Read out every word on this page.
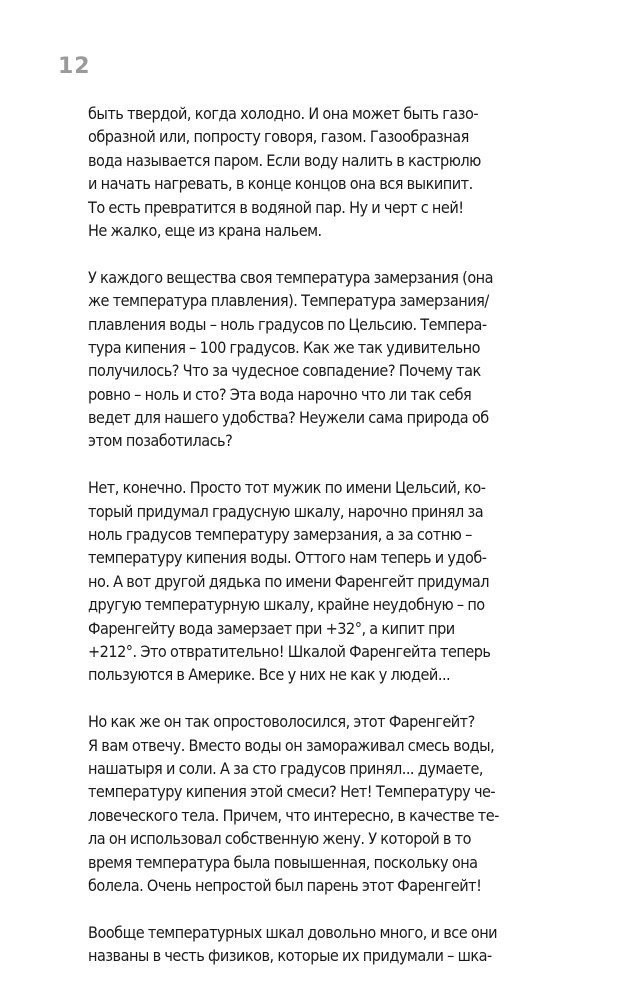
12
быть твердой, когда холодно. И она может быть газо-
образной или, попросту говоря, газом. Газообразная
вода называется паром. Если воду налить в кастрюлю
и начать нагревать, в конце концов она вся выкипит.
То есть превратится в водяной пар. Ну и черт с ней!
Не жалко, еще из крана нальем.
У каждого вещества своя температура замерзания (она
же температура плавления). Температура замерзания/
плавления воды – ноль градусов по Цельсию. Темпера-
тура кипения – 100 градусов. Как же так удивительно
получилось? Что за чудесное совпадение? Почему так
ровно – ноль и сто? Эта вода нарочно что ли так себя
ведет для нашего удобства? Неужели сама природа об
этом позаботилась?
Нет, конечно. Просто тот мужик по имени Цельсий, ко-
торый придумал градусную шкалу, нарочно принял за
ноль градусов температуру замерзания, а за сотню –
температуру кипения воды. Оттого нам теперь и удоб-
но. А вот другой дядька по имени Фаренгейт придумал
другую температурную шкалу, крайне неудобную – по
Фаренгейту вода замерзает при +32°, а кипит при
+212°. Это отвратительно! Шкалой Фаренгейта теперь
пользуются в Америке. Все у них не как у людей...
Но как же он так опростоволосился, этот Фаренгейт?
Я вам отвечу. Вместо воды он замораживал смесь воды,
нашатыря и соли. А за сто градусов принял... думаете,
температуру кипения этой смеси? Нет! Температуру че-
ловеческого тела. Причем, что интересно, в качестве те-
ла он использовал собственную жену. У которой в то
время температура была повышенная, поскольку она
болела. Очень непростой был парень этот Фаренгейт!
Вообще температурных шкал довольно много, и все они
названы в честь физиков, которые их придумали – шка-
